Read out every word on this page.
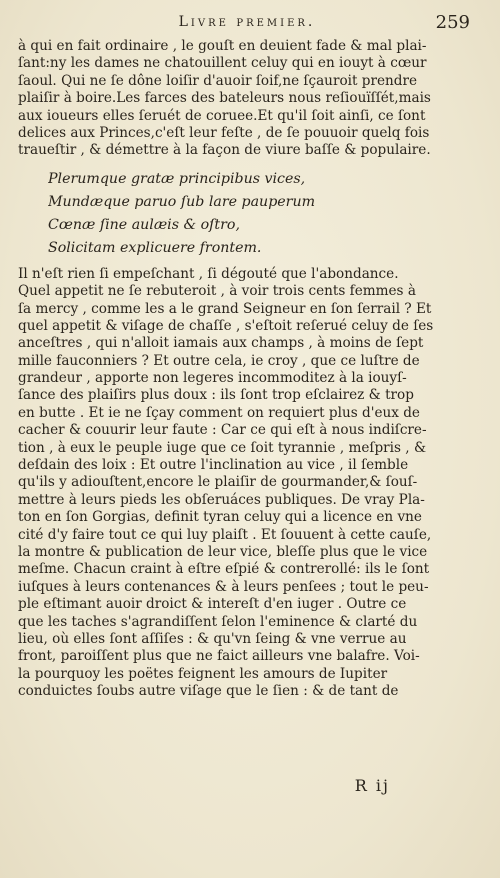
Livre premier.	259
à qui en fait ordinaire , le gouſt en deuient fade & mal plai-
ſant:ny les dames ne chatouillent celuy qui en iouyt à cœur
ſaoul. Qui ne ſe dône loiſir d'auoir ſoif,ne ſçauroit prendre
plaiſir à boire.Les farces des bateleurs nous reſiouïſſét,mais
aux ioueurs elles ſeruét de coruee.Et qu'il ſoit ainſi, ce ſont
delices aux Princes,c'eſt leur feſte , de ſe pouuoir quelq fois
traueſtir , & démettre à la façon de viure baſſe & populaire.
Plerumque gratæ principibus vices,
Mundæque paruo ſub lare pauperum
Cœnæ ſine aulæis & oſtro,
Solicitam explicuere frontem.
Il n'eſt rien ſi empeſchant , ſi dégouté que l'abondance.
Quel appetit ne ſe rebuteroit , à voir trois cents femmes à
ſa mercy , comme les a le grand Seigneur en ſon ſerrail ? Et
quel appetit & viſage de chaſſe , s'eſtoit reſerué celuy de ſes
anceſtres , qui n'alloit iamais aux champs , à moins de ſept
mille fauconniers ? Et outre cela, ie croy , que ce luſtre de
grandeur , apporte non legeres incommoditez à la iouyſ-
ſance des plaiſirs plus doux : ils ſont trop eſclairez & trop
en butte . Et ie ne ſçay comment on requiert plus d'eux de
cacher & couurir leur faute : Car ce qui eſt à nous indiſcre-
tion , à eux le peuple iuge que ce ſoit tyrannie , meſpris , &
deſdain des loix : Et outre l'inclination au vice , il ſemble
qu'ils y adiouſtent,encore le plaiſir de gourmander,& ſouſ-
mettre à leurs pieds les obſeruáces publiques. De vray Pla-
ton en ſon Gorgias, definit tyran celuy qui a licence en vne
cité d'y faire tout ce qui luy plaiſt . Et ſouuent à cette cauſe,
la montre & publication de leur vice, bleſſe plus que le vice
meſme. Chacun craint à eſtre eſpié & contrerollé: ils le ſont
iuſques à leurs contenances & à leurs penſees ; tout le peu-
ple eſtimant auoir droict & intereſt d'en iuger . Outre ce
que les taches s'agrandiſſent ſelon l'eminence & clarté du
lieu, où elles ſont aſſiſes : & qu'vn ſeing & vne verrue au
front, paroiſſent plus que ne faict ailleurs vne balafre. Voi-
la pourquoy les poëtes feignent les amours de Iupiter
conduictes ſoubs autre viſage que le ſien : & de tant de
R ij
